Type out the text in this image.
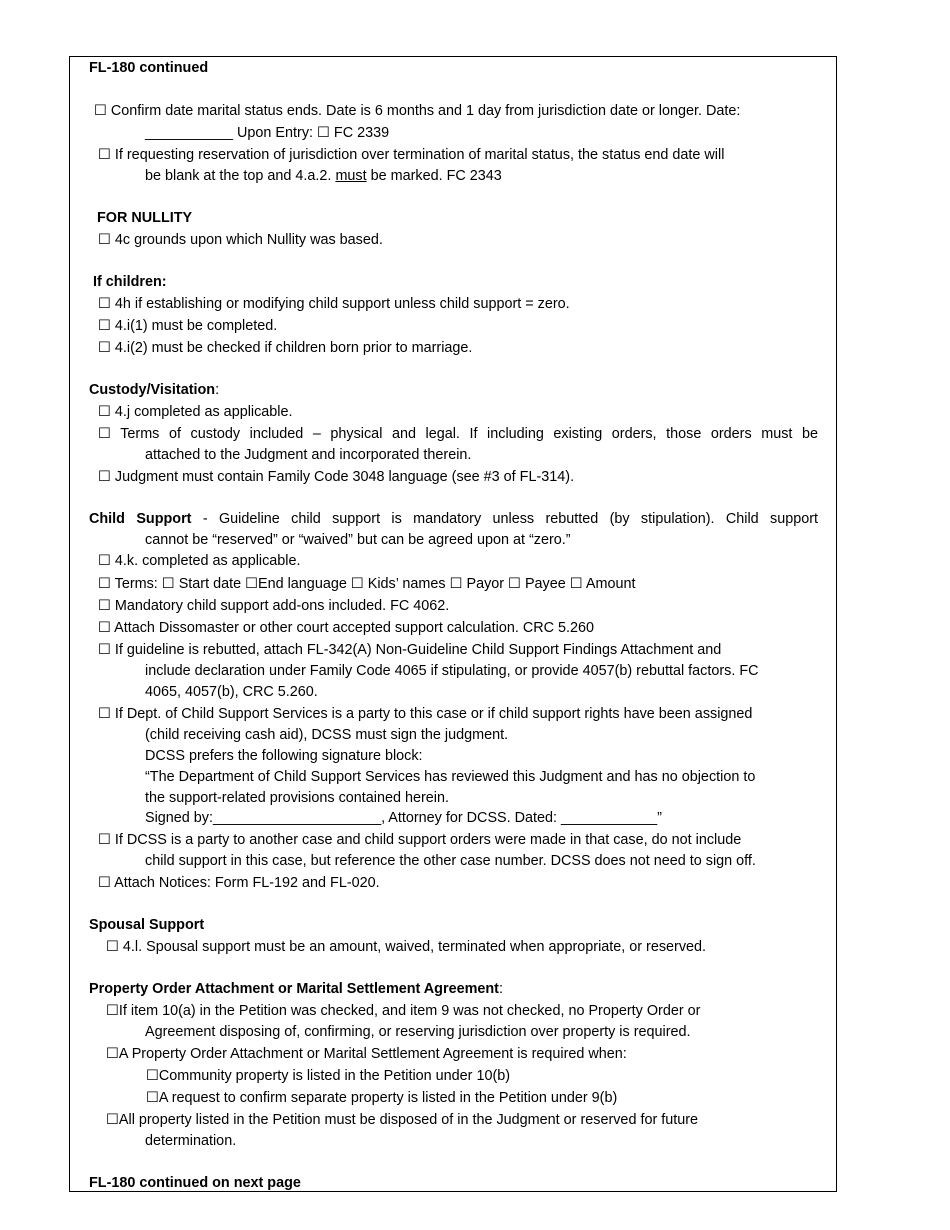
FL-180 continued
☐ Confirm date marital status ends. Date is 6 months and 1 day from jurisdiction date or longer. Date:
___________ Upon Entry: ☐ FC 2339
☐ If requesting reservation of jurisdiction over termination of marital status, the status end date will
be blank at the top and 4.a.2. must be marked. FC 2343
FOR NULLITY
☐ 4c grounds upon which Nullity was based.
If children:
☐ 4h if establishing or modifying child support unless child support = zero.
☐ 4.i(1) must be completed.
☐ 4.i(2) must be checked if children born prior to marriage.
Custody/Visitation:
☐ 4.j completed as applicable.
☐ Terms of custody included – physical and legal. If including existing orders, those orders must be
attached to the Judgment and incorporated therein.
☐ Judgment must contain Family Code 3048 language (see #3 of FL-314).
Child Support - Guideline child support is mandatory unless rebutted (by stipulation). Child support
cannot be “reserved” or “waived” but can be agreed upon at “zero.”
☐ 4.k. completed as applicable.
☐ Terms: ☐ Start date ☐End language ☐ Kids’ names ☐ Payor ☐ Payee ☐ Amount
☐ Mandatory child support add-ons included. FC 4062.
☐ Attach Dissomaster or other court accepted support calculation. CRC 5.260
☐ If guideline is rebutted, attach FL-342(A) Non-Guideline Child Support Findings Attachment and
include declaration under Family Code 4065 if stipulating, or provide 4057(b) rebuttal factors. FC
4065, 4057(b), CRC 5.260.
☐ If Dept. of Child Support Services is a party to this case or if child support rights have been assigned
(child receiving cash aid), DCSS must sign the judgment.
DCSS prefers the following signature block:
“The Department of Child Support Services has reviewed this Judgment and has no objection to
the support-related provisions contained herein.
Signed by:_____________________, Attorney for DCSS. Dated: ____________”
☐ If DCSS is a party to another case and child support orders were made in that case, do not include
child support in this case, but reference the other case number. DCSS does not need to sign off.
☐ Attach Notices: Form FL-192 and FL-020.
Spousal Support
☐ 4.l. Spousal support must be an amount, waived, terminated when appropriate, or reserved.
Property Order Attachment or Marital Settlement Agreement:
☐If item 10(a) in the Petition was checked, and item 9 was not checked, no Property Order or
Agreement disposing of, confirming, or reserving jurisdiction over property is required.
☐A Property Order Attachment or Marital Settlement Agreement is required when:
☐Community property is listed in the Petition under 10(b)
☐A request to confirm separate property is listed in the Petition under 9(b)
☐All property listed in the Petition must be disposed of in the Judgment or reserved for future
determination.
FL-180 continued on next page
